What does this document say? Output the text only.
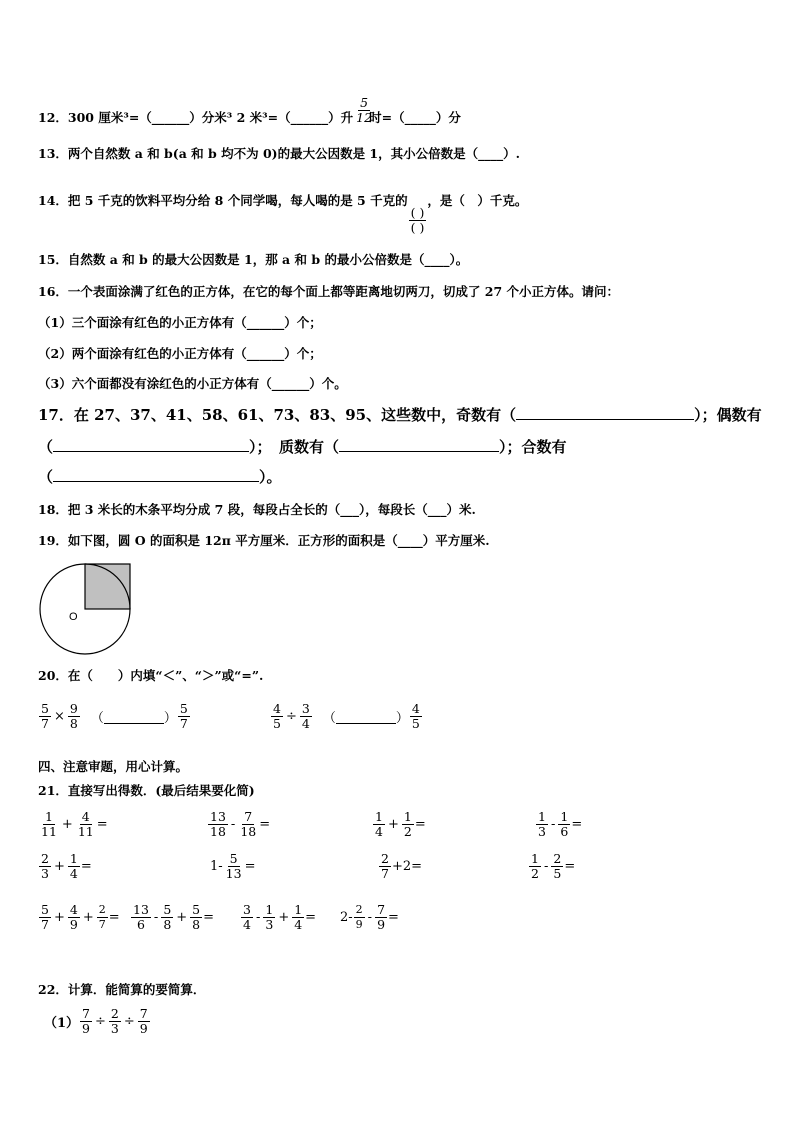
12．300 厘米³=（______）分米³ 2 米³=（______）升 $\frac{5}{12}$
时=（_____）分
13．两个自然数 a 和 b(a 和 b 均不为 0)的最大公因数是 1，其小公倍数是（____）.
14．把 5 千克的饮料平均分给 8 个同学喝，每人喝的是 5 千克的
$\frac{( )}{( )}$
，是（　）千克。
15．自然数 a 和 b 的最大公因数是 1，那 a 和 b 的最小公倍数是（____）。
16．一个表面涂满了红色的正方体，在它的每个面上都等距离地切两刀，切成了 27 个小正方体。请问：
（1）三个面涂有红色的小正方体有（______）个；
（2）两个面涂有红色的小正方体有（______）个；
（3）六个面都没有涂红色的小正方体有（______）个。
17．在 27、37、41、58、61、73、83、95、这些数中，奇数有（	）；偶数有
（	）；　质数有（	）；合数有
（	）。
18．把 3 米长的木条平均分成 7 段，每段占全长的（___），每段长（___）米.
19．如下图，圆 O 的面积是 12π 平方厘米．正方形的面积是（____）平方厘米.
O
20．在（　　）内填“＜”、“＞”或“=”.
$\frac{5}{7} \times \frac{9}{8}$ （	） $\frac{5}{7}$	$\frac{4}{5} \div \frac{3}{4}$ （	） $\frac{4}{5}$
四、注意审题，用心计算。
21．直接写出得数．(最后结果要化简)
$\frac{1}{11} + \frac{4}{11}$ =	$\frac{13}{18} - \frac{7}{18}$ =	$\frac{1}{4} + \frac{1}{2}$ =	$\frac{1}{3} - \frac{1}{6}$ =
$\frac{2}{3} + \frac{1}{4}$ =	$1- \frac{5}{13}$ =	$\frac{2}{7} +2=$	$\frac{1}{2} - \frac{2}{5}$ =
$\frac{5}{7} + \frac{4}{9} + \frac{2}{7} = \frac{13}{6} - \frac{5}{8} + \frac{5}{8} = \frac{3}{4} - \frac{1}{3} + \frac{1}{4} = 2- \frac{2}{9} - \frac{7}{9}$ =
22．计算．能简算的要简算．
$(1) \frac{7}{9} \div \frac{2}{3} \div \frac{7}{9}$
